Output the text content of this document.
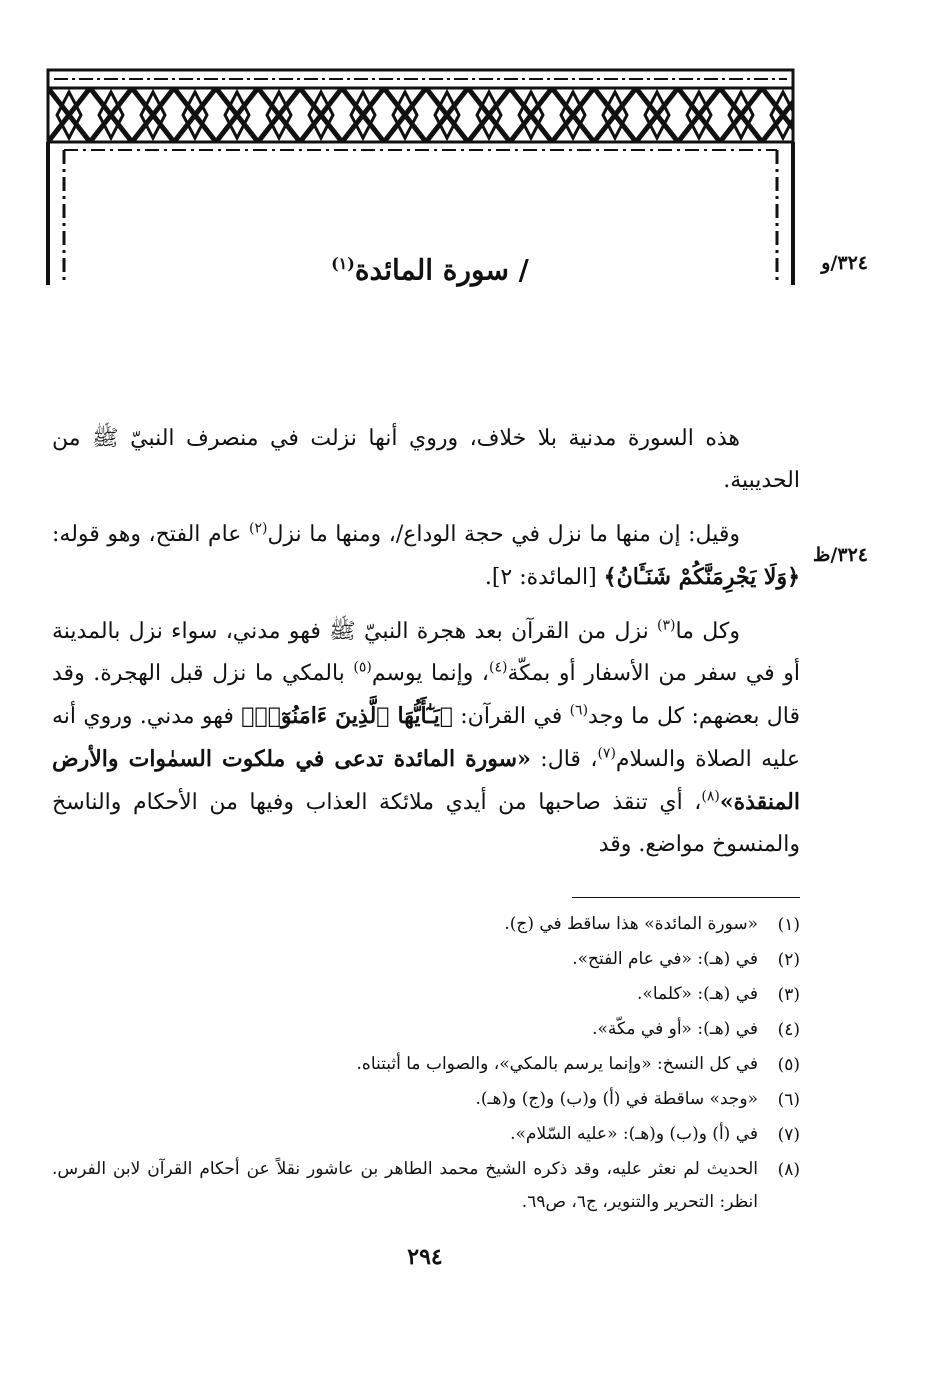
/ سورة المائدة$^{(١)}$	٣٢٤/و
٣٢٤/ظ

هذه السورة مدنية بلا خلاف، وروي أنها نزلت في منصرف النبيّ ﷺ من الحديبية.

وقيل: إن منها ما نزل في حجة الوداع/، ومنها ما نزل$^{(٢)}$ عام الفتح، وهو قوله: ﴿وَلَا يَجْرِمَنَّكُمْ شَنَـَٔانُ﴾ [المائدة: ٢].

وكل ما$^{(٣)}$ نزل من القرآن بعد هجرة النبيّ ﷺ فهو مدني، سواء نزل بالمدينة أو في سفر من الأسفار أو بمكّة$^{(٤)}$، وإنما يوسم$^{(٥)}$ بالمكي ما نزل قبل الهجرة. وقد قال بعضهم: كل ما وجد$^{(٦)}$ في القرآن: ﴿يَـٰٓأَيُّهَا ٱلَّذِينَ ءَامَنُوٓا۟﴾ فهو مدني. وروي أنه عليه الصلاة والسلام$^{(٧)}$، قال: «سورة المائدة تدعى في ملكوت السمٰوات والأرض المنقذة»$^{(٨)}$، أي تنقذ صاحبها من أيدي ملائكة العذاب وفيها من الأحكام والناسخ والمنسوخ مواضع. وقد

(١)
«سورة المائدة» هذا ساقط في (ج).
(٢)
في (هـ): «في عام الفتح».
(٣)
في (هـ): «كلما».
(٤)
في (هـ): «أو في مكّة».
(٥)
في كل النسخ: «وإنما يرسم بالمكي»، والصواب ما أثبتناه.
(٦)
«وجد» ساقطة في (أ) و(ب) و(ج) و(هـ).
(٧)
في (أ) و(ب) و(هـ): «عليه السّلام».
(٨)
الحديث لم نعثر عليه، وقد ذكره الشيخ محمد الطاهر بن عاشور نقلاً عن أحكام القرآن لابن الفرس. انظر: التحرير والتنوير، ج٦، ص٦٩.
٢٩٤
